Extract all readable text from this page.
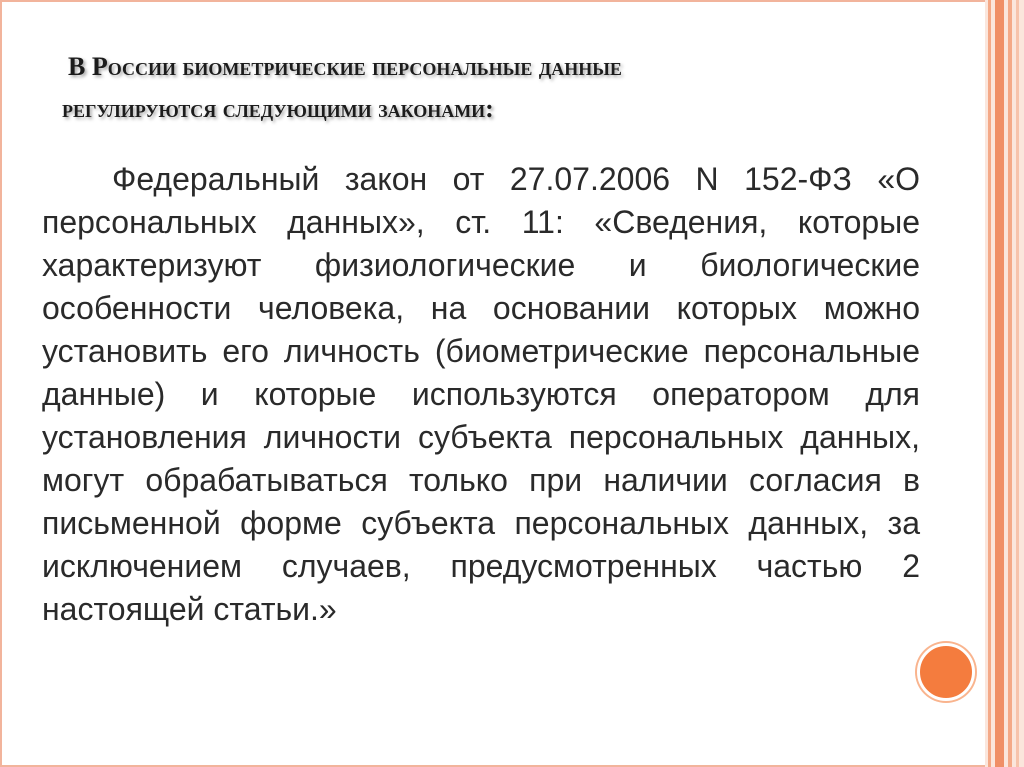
В России биометрические персональные данные
регулируются следующими законами:

Федеральный закон от 27.07.2006 N 152-ФЗ «О персональных данных», ст. 11: «Сведения, которые характеризуют физиологические и биологические особенности человека, на основании которых можно установить его личность (биометрические персональные данные) и которые используются оператором для установления личности субъекта персональных данных, могут обрабатываться только при наличии согласия в письменной форме субъекта персональных данных, за исключением случаев, предусмотренных частью 2 настоящей статьи.»
